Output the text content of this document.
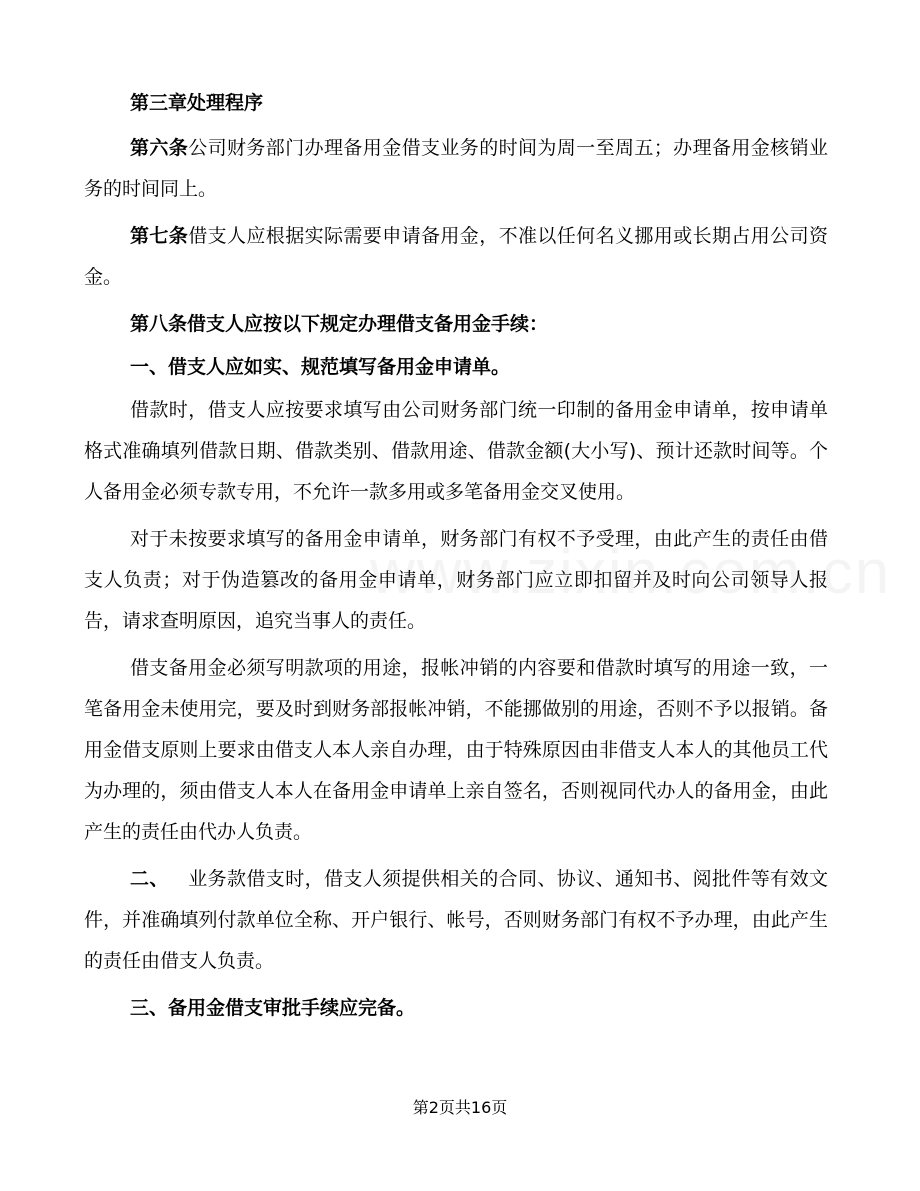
第三章处理程序

第六条公司财务部门办理备用金借支业务的时间为周一至周五；办理备用金核销业务的时间同上。

第七条借支人应根据实际需要申请备用金，不准以任何名义挪用或长期占用公司资金。

第八条借支人应按以下规定办理借支备用金手续：

一、借支人应如实、规范填写备用金申请单。

借款时，借支人应按要求填写由公司财务部门统一印制的备用金申请单，按申请单格式准确填列借款日期、借款类别、借款用途、借款金额(大小写)、预计还款时间等。个人备用金必须专款专用，不允许一款多用或多笔备用金交叉使用。

对于未按要求填写的备用金申请单，财务部门有权不予受理，由此产生的责任由借支人负责；对于伪造篡改的备用金申请单，财务部门应立即扣留并及时向公司领导人报告，请求查明原因，追究当事人的责任。

借支备用金必须写明款项的用途，报帐冲销的内容要和借款时填写的用途一致，一笔备用金未使用完，要及时到财务部报帐冲销，不能挪做别的用途，否则不予以报销。备用金借支原则上要求由借支人本人亲自办理，由于特殊原因由非借支人本人的其他员工代为办理的，须由借支人本人在备用金申请单上亲自签名，否则视同代办人的备用金，由此产生的责任由代办人负责。

二、  业务款借支时，借支人须提供相关的合同、协议、通知书、阅批件等有效文件，并准确填列付款单位全称、开户银行、帐号，否则财务部门有权不予办理，由此产生的责任由借支人负责。

三、备用金借支审批手续应完备。

第2页共16页
